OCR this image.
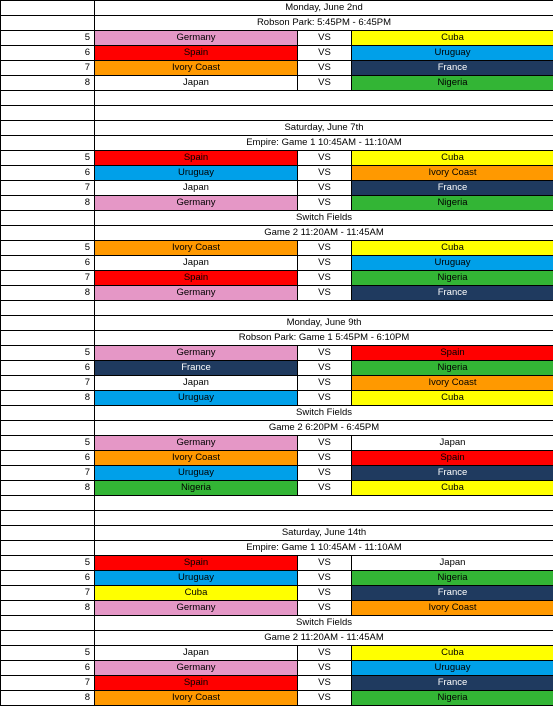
	Monday, June 2nd		
	Robson Park: 5:45PM - 6:45PM		
5	Germany	VS	Cuba
6	Spain	VS	Uruguay
7	Ivory Coast	VS	France
8	Japan	VS	Nigeria

	Saturday, June 7th		
	Empire: Game 1 10:45AM - 11:10AM		
5	Spain	VS	Cuba
6	Uruguay	VS	Ivory Coast
7	Japan	VS	France
8	Germany	VS	Nigeria
	Switch Fields		
	Game 2 11:20AM - 11:45AM		
5	Ivory Coast	VS	Cuba
6	Japan	VS	Uruguay
7	Spain	VS	Nigeria
8	Germany	VS	France

	Monday, June 9th		
	Robson Park: Game 1 5:45PM - 6:10PM		
5	Germany	VS	Spain
6	France	VS	Nigeria
7	Japan	VS	Ivory Coast
8	Uruguay	VS	Cuba
	Switch Fields		
	Game 2 6:20PM - 6:45PM		
5	Germany	VS	Japan
6	Ivory Coast	VS	Spain
7	Uruguay	VS	France
8	Nigeria	VS	Cuba

	Saturday, June 14th		
	Empire: Game 1 10:45AM - 11:10AM		
5	Spain	VS	Japan
6	Uruguay	VS	Nigeria
7	Cuba	VS	France
8	Germany	VS	Ivory Coast
	Switch Fields		
	Game 2 11:20AM - 11:45AM		
5	Japan	VS	Cuba
6	Germany	VS	Uruguay
7	Spain	VS	France
8	Ivory Coast	VS	Nigeria
